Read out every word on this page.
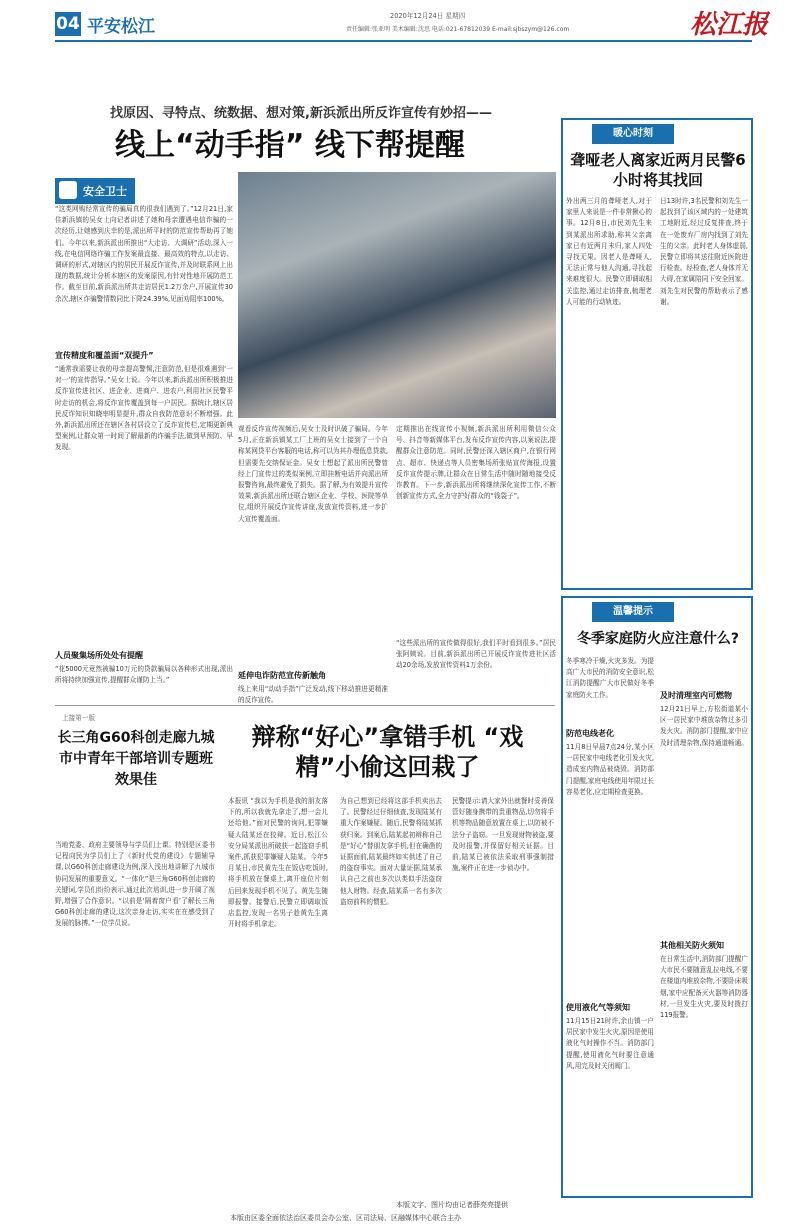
04 平安松江
2020年12月24日 星期四
责任编辑:张亚明 美术编辑:沈思 电话:021-67812039 E-mail:sjbszym@126.com	松江报
找原因、寻特点、统数据、想对策,新浜派出所反诈宣传有妙招——
线上“动手指” 线下帮提醒
安全卫士
“这类网购经常宣传的骗局真的很我们遇到了。”12月21日,家住新浜镇的吴女士向记者讲述了她和母亲遭遇电信诈骗的一次经历,让她感到庆幸的是,派出所平时的防范宣传帮助再了她们。今年以来,新浜派出所推出“大走访、大调研”活动,深入一线,在电信网络诈骗工作发案最直接、最高效的特点,以走访、调研的形式,对辖区内的居民开展反诈宣传,并及时联系网上出现的数据,统计分析本辖区的发案原因,有针对性地开展防范工作。截至目前,新浜派出所共走访居民1.2万余户,开展宣传30余次,辖区诈骗警情数同比下降24.39%,见面劝阻率100%。
宣传精度和覆盖面“双提升”
“通常我需要让我的母亲提高警惕,注意防范,但是很难遇到‘一对一’的宣传指导。”吴女士说。今年以来,新浜派出所积极推进反诈宣传进社区、进企业、进商户、进农户,利用社区民警平时走访的机会,将反诈宣传覆盖到每一户居民。据统计,辖区居民反诈知识知晓率明显提升,群众自我防范意识不断增强。此外,新浜派出所还在辖区各村居设立了反诈宣传栏,定期更新典型案例,让群众第一时间了解最新的诈骗手法,做到早预防、早发现。
人员聚集场所处处有提醒
“花5000元竟然被骗10万元的贷款骗局以各种形式出现,派出所将持续加强宣传,提醒群众谨防上当。”
观看反诈宣传视频后,吴女士及时识破了骗局。今年5月,正在新浜镇某工厂上班的吴女士接到了一个自称某网贷平台客服的电话,称可以为其办理低息贷款,但需要先交纳保证金。吴女士想起了派出所民警曾经上门宣传过的类似案例,立即挂断电话并向派出所报警咨询,最终避免了损失。据了解,为有效提升宣传效果,新浜派出所还联合辖区企业、学校、医院等单位,组织开展反诈宣传讲座,发放宣传资料,进一步扩大宣传覆盖面。
延伸电诈防范宣传新触角
线上来用“动动手指”广泛发动,线下移动推进更精准的反诈宣传。
定期推出在线宣传小视频,新浜派出所利用微信公众号、抖音等新媒体平台,发布反诈宣传内容,以案说法,提醒群众注意防范。同时,民警还深入辖区商户,在银行网点、超市、快递点等人员密集场所张贴宣传海报,设置反诈宣传提示牌,让群众在日常生活中随时随地接受反诈教育。下一步,新浜派出所将继续深化宣传工作,不断创新宣传方式,全力守护好群众的“钱袋子”。
“这些派出所的宣传做得很好,我们平时看到很多。”居民张阿姨说。目前,新浜派出所已开展反诈宣传进社区活动20余场,发放宣传资料1万余份。
暖心时刻
聋哑老人离家近两月民警6小时将其找回
外出两三月的聋哑老人,对于家里人来说是一件非常揪心的事。12月8日,市民刘先生来到某派出所求助,称其父亲离家已有近两月未归,家人四处寻找无果。因老人是聋哑人,无法正常与他人沟通,寻找起来难度很大。民警立即调取相关监控,通过走访排查,梳理老人可能的行动轨迹。
日13时许,3名民警和刘先生一起找到了该区域内的一处建筑工地附近,经过反复排查,终于在一处废弃厂房内找到了刘先生的父亲。此时老人身体虚弱,民警立即将其送往附近医院进行检查。经检查,老人身体并无大碍,在家属陪同下安全回家。刘先生对民警的帮助表示了感谢。
温馨提示
冬季家庭防火应注意什么?
冬季寒冷干燥,火灾多发。为提高广大市民的消防安全意识,松江消防提醒广大市民做好冬季家庭防火工作。
防范电线老化
11月8日早晨7点24分,某小区一居民家中电线老化引发火灾,造成室内物品被烧毁。消防部门提醒,家庭电线使用年限过长容易老化,应定期检查更换。
及时清理室内可燃物
12月21日早上,方松街道某小区一居民家中堆放杂物过多引发火灾。消防部门提醒,家中应及时清理杂物,保持通道畅通。
使用液化气等须知
11月15日21时许,余山镇一户居民家中发生火灾,原因是使用液化气时操作不当。消防部门提醒,使用液化气时要注意通风,用完及时关闭阀门。
其他相关防火须知
在日常生活中,消防部门提醒广大市民不要随意乱拉电线,不要在楼道内堆放杂物,不要卧床吸烟,家中应配备灭火器等消防器材,一旦发生火灾,要及时拨打119报警。
上接第一版
长三角G60科创走廊九城市中青年干部培训专题班效果佳
当地党委、政府主要领导与学员们上课。特别是区委书记程向民为学员们上了《新时代党的建设》专题辅导课,以G60科创走廊建设为例,深入浅出地讲解了九城市协同发展的重要意义。“一体化”是三角G60科创走廊的关键词,学员们纷纷表示,通过此次培训,进一步开阔了视野,增强了合作意识。“以前是‘隔着窗户看’了解长三角G60科创走廊的建设,这次亲身走访,实实在在感受到了发展的脉搏。”一位学员说。
辩称“好心”拿错手机 “戏精”小偷这回栽了
本报讯 “我以为手机是我的朋友落下的,所以我就先拿走了,想一会儿还给他。”面对民警的询问,犯罪嫌疑人陆某还在狡辩。近日,松江公安分局某派出所破获一起盗窃手机案件,抓获犯罪嫌疑人陆某。今年5月某日,市民黄先生在饭店吃饭时,将手机放在餐桌上,离开座位片刻后回来发现手机不见了。黄先生随即报警。接警后,民警立即调取饭店监控,发现一名男子趁黄先生离开时将手机拿走。
为自己想到已经将这部手机卖出去了。民警经过仔细侦查,发现陆某有重大作案嫌疑。随后,民警将陆某抓获归案。到案后,陆某起初辩称自己是“好心”替朋友拿手机,但在确凿的证据面前,陆某最终如实供述了自己的盗窃事实。面对大量证据,陆某承认自己之前也多次以类似手法盗窃他人财物。经查,陆某系一名有多次盗窃前科的惯犯。
民警提示:请大家外出就餐时妥善保管好随身携带的贵重物品,切勿将手机等物品随意放置在桌上,以防被不法分子盗窃。一旦发现财物被盗,要及时报警,并保留好相关证据。目前,陆某已被依法采取刑事强制措施,案件正在进一步侦办中。
本版文字、图片均由记者薛亮亮提供
本版由区委全面依法治区委员会办公室、区司法局、区融媒体中心联合主办
